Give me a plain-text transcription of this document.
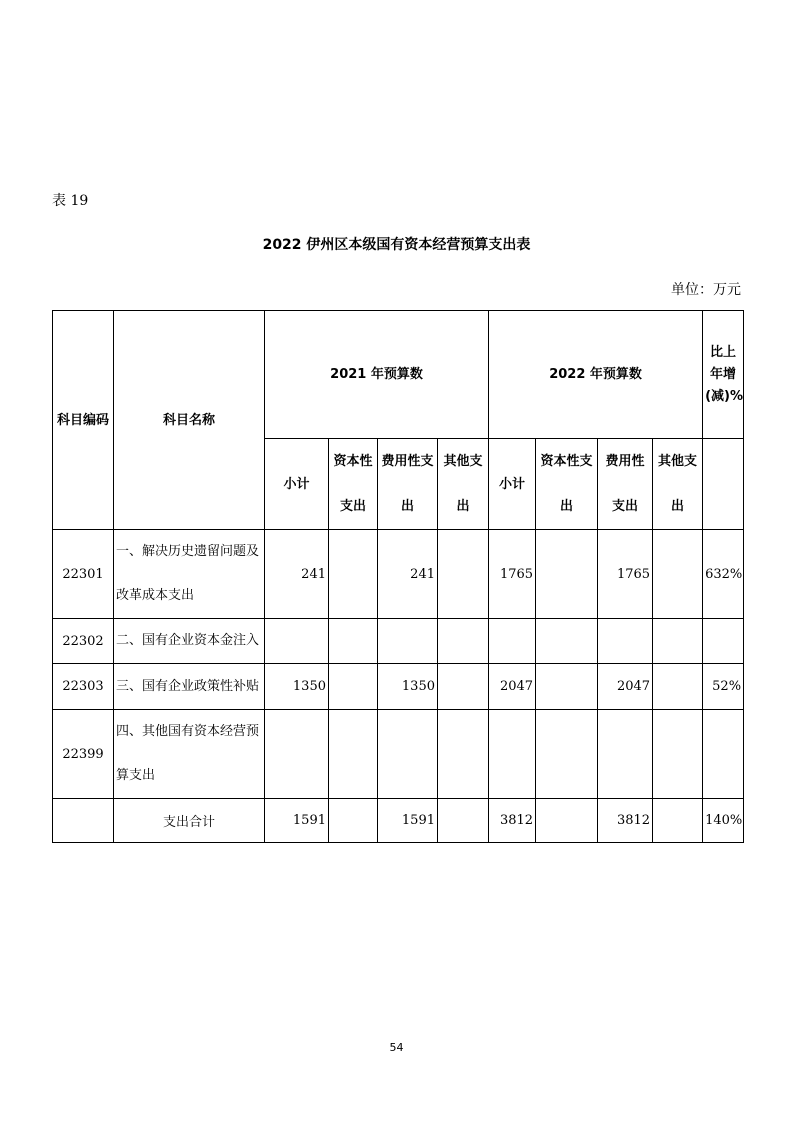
表 19
2022 伊州区本级国有资本经营预算支出表
单位：万元
科目编码	科目名称	2021 年预算数				2022 年预算数				比上年增(减)%
		小计	资本性支出	费用性支出	其他支出	小计	资本性支出	费用性支出	其他支出	
22301	一、解决历史遗留问题及改革成本支出	241		241		1765		1765		632%
22302	二、国有企业资本金注入									
22303	三、国有企业政策性补贴	1350		1350		2047		2047		52%
22399	四、其他国有资本经营预算支出									
	支出合计	1591		1591		3812		3812		140%
54
